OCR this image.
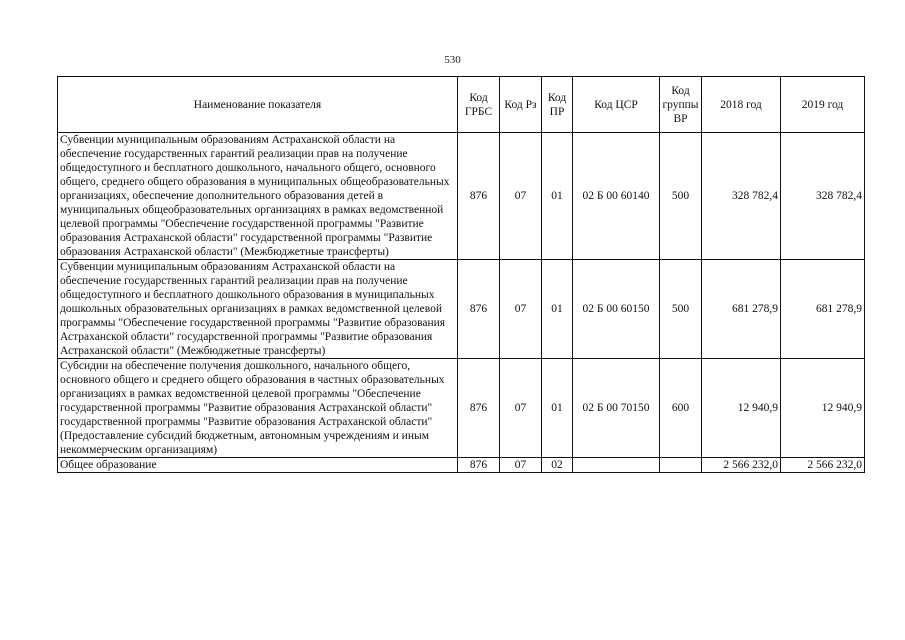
530
Наименование показателя	Код ГРБС	Код Рз	Код ПР	Код ЦСР	Код группы ВР	2018 год	2019 год
Субвенции муниципальным образованиям Астраханской области на обеспечение государственных гарантий реализации прав на получение общедоступного и бесплатного дошкольного, начального общего, основного общего, среднего общего образования в муниципальных общеобразовательных организациях, обеспечение дополнительного образования детей в муниципальных общеобразовательных организациях в рамках ведомственной целевой программы "Обеспечение государственной программы "Развитие образования Астраханской области" государственной программы "Развитие образования Астраханской области" (Межбюджетные трансферты)	876	07	01	02 Б 00 60140	500	328 782,4	328 782,4
Субвенции муниципальным образованиям Астраханской области на обеспечение государственных гарантий реализации прав на получение общедоступного и бесплатного дошкольного образования в муниципальных дошкольных образовательных организациях в рамках ведомственной целевой программы "Обеспечение государственной программы "Развитие образования Астраханской области" государственной программы "Развитие образования Астраханской области" (Межбюджетные трансферты)	876	07	01	02 Б 00 60150	500	681 278,9	681 278,9
Субсидии на обеспечение получения дошкольного, начального общего, основного общего и среднего общего образования в частных образовательных организациях в рамках ведомственной целевой программы "Обеспечение государственной программы "Развитие образования Астраханской области" государственной программы "Развитие образования Астраханской области" (Предоставление субсидий бюджетным, автономным учреждениям и иным некоммерческим организациям)	876	07	01	02 Б 00 70150	600	12 940,9	12 940,9
Общее образование	876	07	02			2 566 232,0	2 566 232,0
